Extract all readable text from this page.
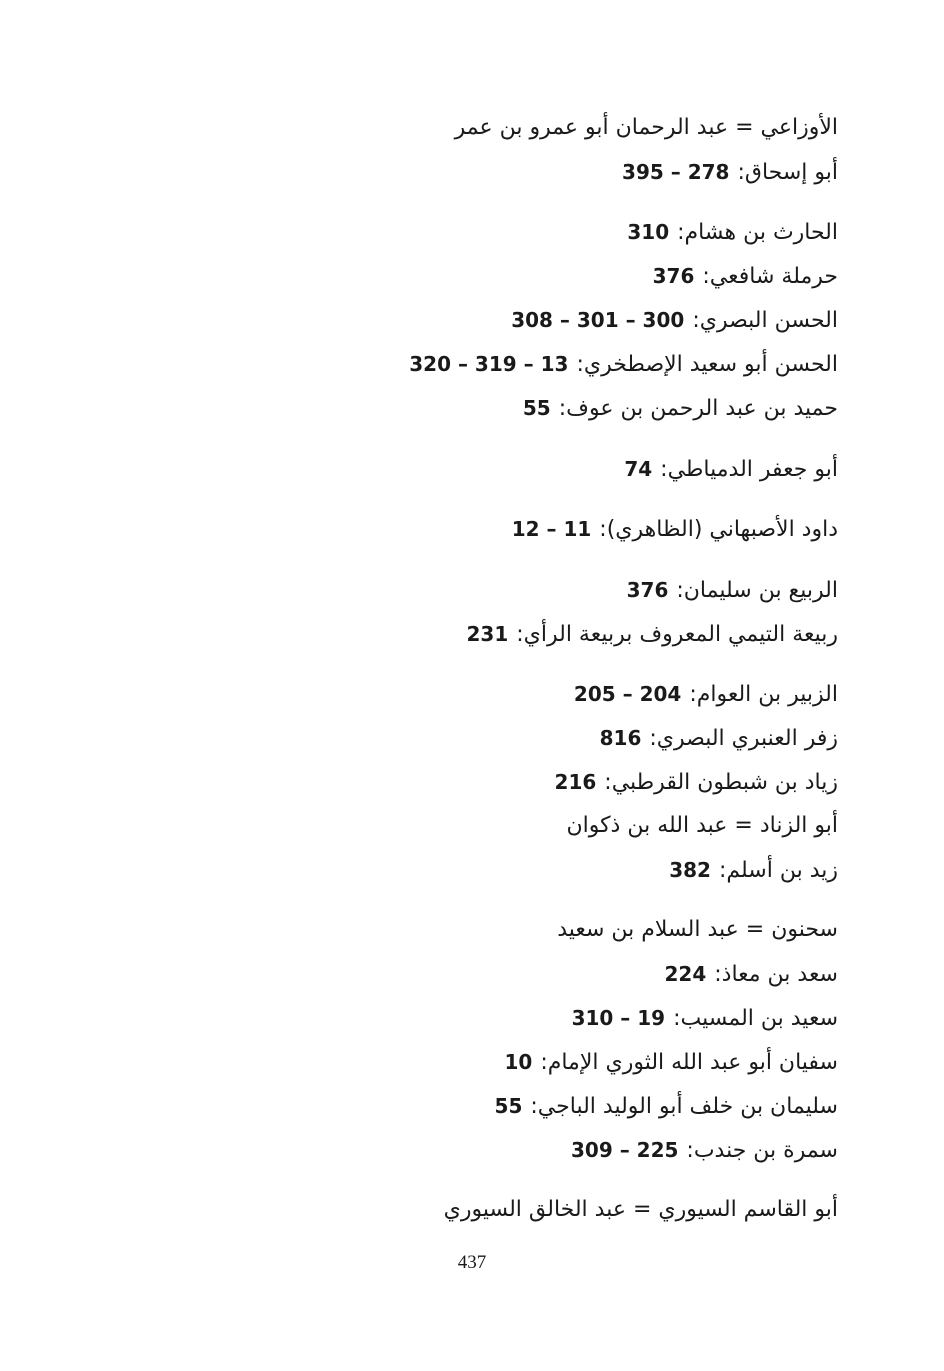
الأوزاعي = عبد الرحمان أبو عمرو بن عمر
أبو إسحاق:395 – 278
الحارث بن هشام:310
حرملة شافعي:376
الحسن البصري:308 – 301 – 300
الحسن أبو سعيد الإصطخري:320 – 319 – 13
حميد بن عبد الرحمن بن عوف:55
أبو جعفر الدمياطي:74
داود الأصبهاني (الظاهري):12 – 11
الربيع بن سليمان:376
ربيعة التيمي المعروف بربيعة الرأي:231
الزبير بن العوام:205 – 204
زفر العنبري البصري:816
زياد بن شبطون القرطبي:216
أبو الزناد = عبد الله بن ذكوان
زيد بن أسلم:382
سحنون = عبد السلام بن سعيد
سعد بن معاذ:224
سعيد بن المسيب:310 – 19
سفيان أبو عبد الله الثوري الإمام:10
سليمان بن خلف أبو الوليد الباجي:55
سمرة بن جندب:309 – 225
أبو القاسم السيوري = عبد الخالق السيوري
437
